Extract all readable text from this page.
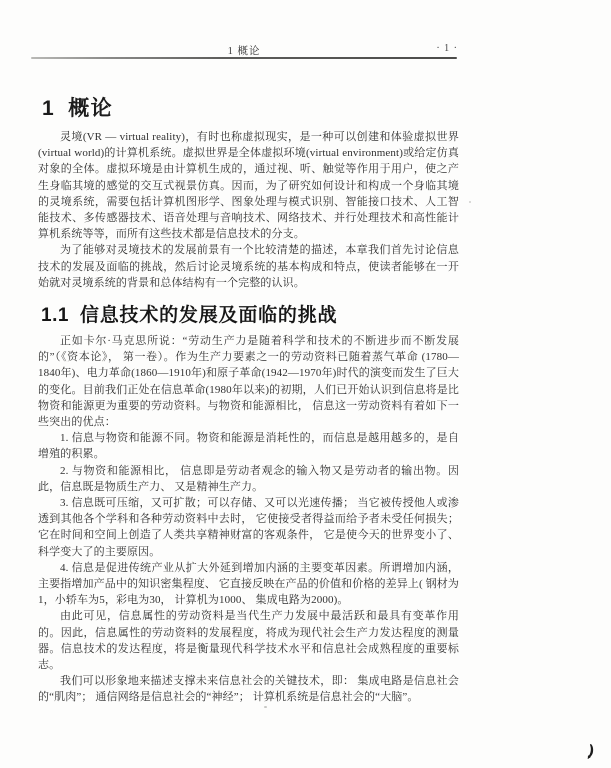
1 概论	· 1 ·
1 概论

灵境(VR — virtual reality)，有时也称虚拟现实，是一种可以创建和体验虚拟世界(virtual world)的计算机系统。虚拟世界是全体虚拟环境(virtual environment)或给定仿真对象的全体。虚拟环境是由计算机生成的，通过视、听、触觉等作用于用户，使之产生身临其境的感觉的交互式视景仿真。因而，为了研究如何设计和构成一个身临其境的灵境系统，需要包括计算机图形学、图象处理与模式识别、智能接口技术、人工智能技术、多传感器技术、语音处理与音响技术、网络技术、并行处理技术和高性能计算机系统等等，而所有这些技术都是信息技术的分支。

为了能够对灵境技术的发展前景有一个比较清楚的描述，本章我们首先讨论信息技术的发展及面临的挑战，然后讨论灵境系统的基本构成和特点，使读者能够在一开始就对灵境系统的背景和总体结构有一个完整的认识。

1.1 信息技术的发展及面临的挑战

正如卡尔·马克思所说：“劳动生产力是随着科学和技术的不断进步而不断发展的”（《资本论》， 第一卷）。作为生产力要素之一的劳动资料已随着蒸气革命 (1780—1840年)、电力革命(1860—1910年)和原子革命(1942—1970年)时代的演变而发生了巨大的变化。目前我们正处在信息革命(1980年以来)的初期，人们已开始认识到信息将是比物资和能源更为重要的劳动资料。与物资和能源相比， 信息这一劳动资料有着如下一些突出的优点：

1. 信息与物资和能源不同。物资和能源是消耗性的，而信息是越用越多的，是自增殖的积累。

2. 与物资和能源相比， 信息即是劳动者观念的输入物又是劳动者的输出物。因此，信息既是物质生产力、 又是精神生产力。

3. 信息既可压缩，又可扩散；可以存储、又可以光速传播； 当它被传授他人或渗透到其他各个学科和各种劳动资料中去时， 它使接受者得益而给予者未受任何损失； 它在时间和空间上创造了人类共享精神财富的客观条件， 它是使今天的世界变小了、 科学变大了的主要原因。

4. 信息是促进传统产业从扩大外延到增加内涵的主要变革因素。所谓增加内涵， 主要指增加产品中的知识密集程度、 它直接反映在产品的价值和价格的差异上( 钢材为1，小轿车为5，彩电为30， 计算机为1000、 集成电路为2000)。

由此可见，信息属性的劳动资料是当代生产力发展中最活跃和最具有变革作用的。因此，信息属性的劳动资料的发展程度，将成为现代社会生产力发达程度的测量器。信息技术的发达程度，将是衡量现代科学技术水平和信息社会成熟程度的重要标志。

我们可以形象地来描述支撑未来信息社会的关键技术，即： 集成电路是信息社会的“肌肉”； 通信网络是信息社会的“神经”； 计算机系统是信息社会的“大脑”。
